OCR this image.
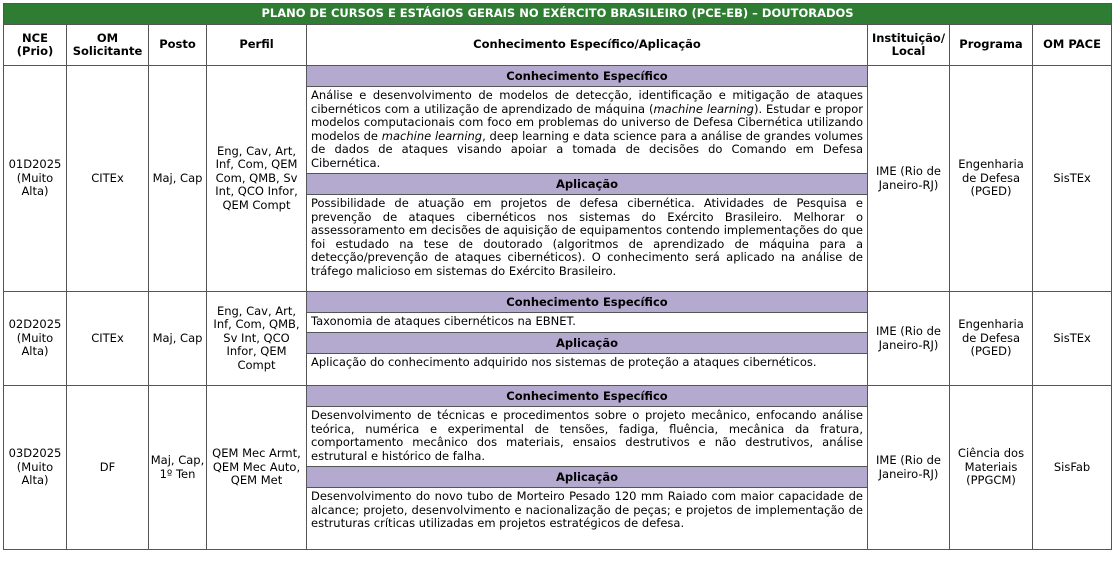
PLANO DE CURSOS E ESTÁGIOS GERAIS NO EXÉRCITO BRASILEIRO (PCE-EB) – DOUTORADOS							
NCE (Prio)	OM Solicitante	Posto	Perfil	Conhecimento Específico/Aplicação	Instituição/ Local	Programa	OM PACE
01D2025 (Muito Alta)	CITEx	Maj, Cap	Eng, Cav, Art, Inf, Com, QEM Com, QMB, Sv Int, QCO Infor, QEM Compt	Conhecimento Específico
Análise e desenvolvimento de modelos de detecção, identificação e mitigação de ataques cibernéticos com a utilização de aprendizado de máquina (machine learning). Estudar e propor modelos computacionais com foco em problemas do universo de Defesa Cibernética utilizando modelos de machine learning, deep learning e data science para a análise de grandes volumes de dados de ataques visando apoiar a tomada de decisões do Comando em Defesa Cibernética.
Aplicação
Possibilidade de atuação em projetos de defesa cibernética. Atividades de Pesquisa e prevenção de ataques cibernéticos nos sistemas do Exército Brasileiro. Melhorar o assessoramento em decisões de aquisição de equipamentos contendo implementações do que foi estudado na tese de doutorado (algoritmos de aprendizado de máquina para a detecção/prevenção de ataques cibernéticos). O conhecimento será aplicado na análise de tráfego malicioso em sistemas do Exército Brasileiro.	IME (Rio de Janeiro-RJ)	Engenharia de Defesa (PGED)	SisTEx
02D2025 (Muito Alta)	CITEx	Maj, Cap	Eng, Cav, Art, Inf, Com, QMB, Sv Int, QCO Infor, QEM Compt	Conhecimento Específico
Taxonomia de ataques cibernéticos na EBNET.
Aplicação
Aplicação do conhecimento adquirido nos sistemas de proteção a ataques cibernéticos.	IME (Rio de Janeiro-RJ)	Engenharia de Defesa (PGED)	SisTEx
03D2025 (Muito Alta)	DF	Maj, Cap, 1º Ten	QEM Mec Armt, QEM Mec Auto, QEM Met	Conhecimento Específico
Desenvolvimento de técnicas e procedimentos sobre o projeto mecânico, enfocando análise teórica, numérica e experimental de tensões, fadiga, fluência, mecânica da fratura, comportamento mecânico dos materiais, ensaios destrutivos e não destrutivos, análise estrutural e histórico de falha.
Aplicação
Desenvolvimento do novo tubo de Morteiro Pesado 120 mm Raiado com maior capacidade de alcance; projeto, desenvolvimento e nacionalização de peças; e projetos de implementação de estruturas críticas utilizadas em projetos estratégicos de defesa.	IME (Rio de Janeiro-RJ)	Ciência dos Materiais (PPGCM)	SisFab
